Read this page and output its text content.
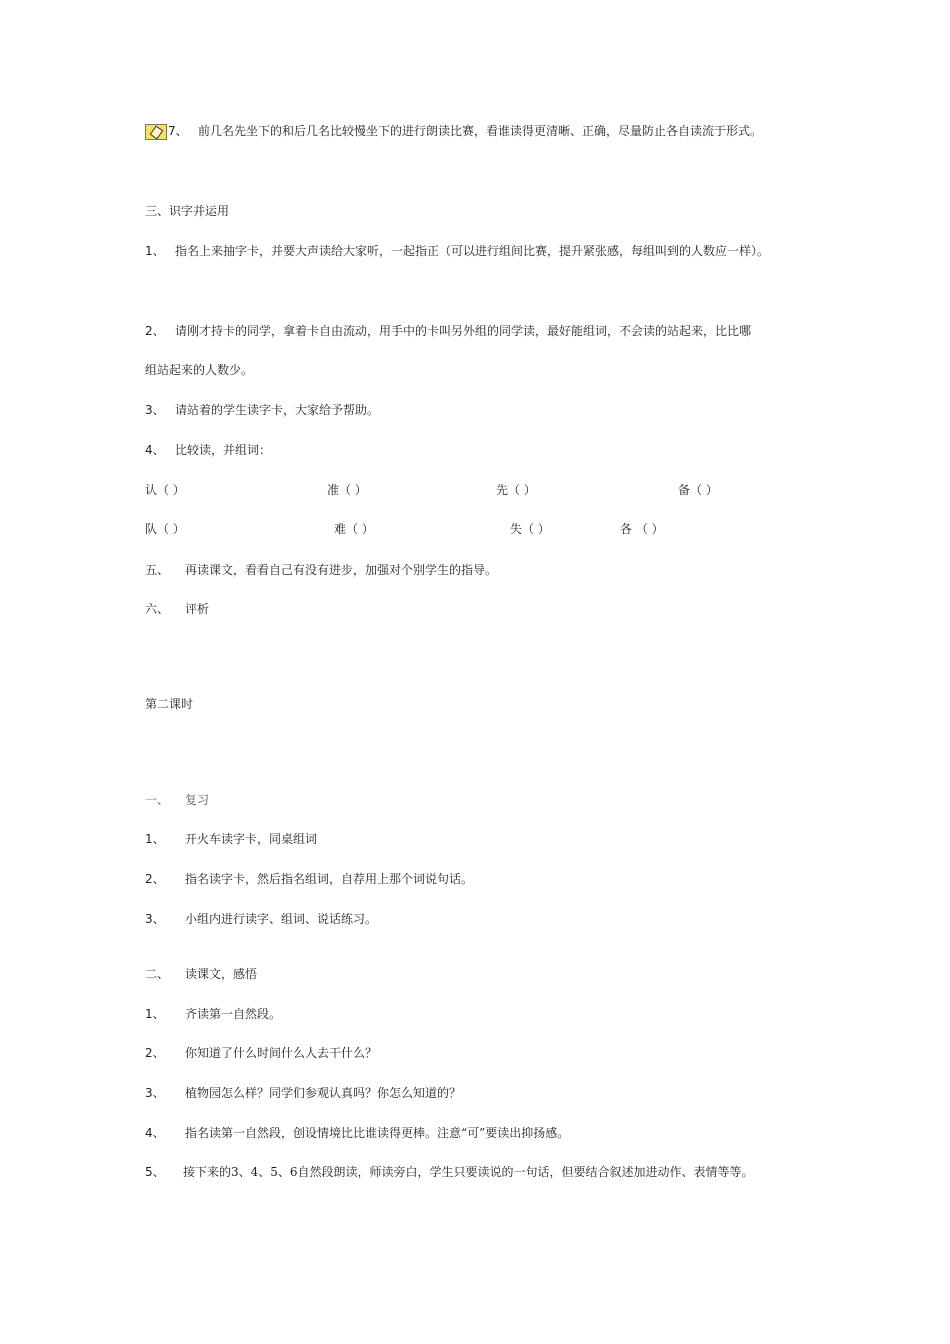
7、 前几名先坐下的和后几名比较慢坐下的进行朗读比赛，看谁读得更清晰、正确，尽量防止各自读流于形式。
三、识字并运用
1、 指名上来抽字卡，并要大声读给大家听，一起指正（可以进行组间比赛，提升紧张感，每组叫到的人数应一样）。
2、 请刚才持卡的同学，拿着卡自由流动，用手中的卡叫另外组的同学读，最好能组词，不会读的站起来，比比哪
组站起来的人数少。
3、 请站着的学生读字卡，大家给予帮助。
4、 比较读，并组词：
认（ ）	准（ ）	先（ ）	备（ ）
队（ ）	难（ ）	失（ ）	各 （ ）
五、 再读课文，看看自己有没有进步，加强对个别学生的指导。
六、 评析
第二课时
一、 复习
1、 开火车读字卡，同桌组词
2、 指名读字卡，然后指名组词，自荐用上那个词说句话。
3、 小组内进行读字、组词、说话练习。
二、 读课文，感悟
1、 齐读第一自然段。
2、 你知道了什么时间什么人去干什么？
3、 植物园怎么样？同学们参观认真吗？你怎么知道的？
4、 指名读第一自然段，创设情境比比谁读得更棒。注意“可”要读出抑扬感。
5、 接下来的3、4、5、6自然段朗读，师读旁白，学生只要读说的一句话，但要结合叙述加进动作、表情等等。
